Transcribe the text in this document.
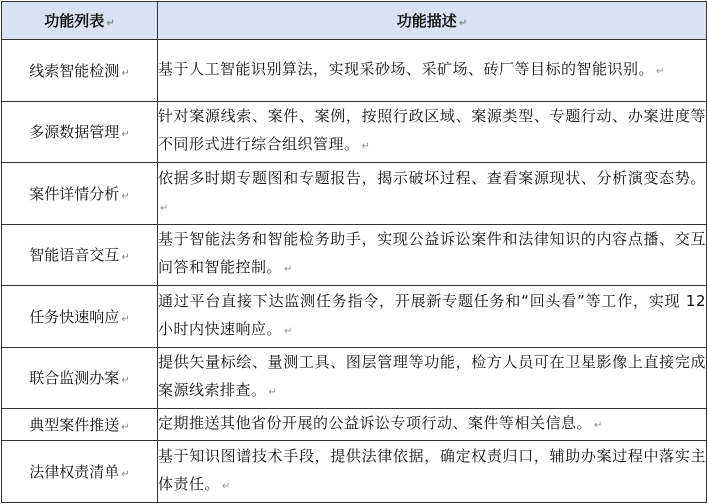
功能列表 ↵	功能描述 ↵
线索智能检测 ↵	基于人工智能识别算法，实现采砂场、采矿场、砖厂等目标的智能识别。 ↵
多源数据管理 ↵	针对案源线索、案件、案例，按照行政区域、案源类型、专题行动、办案进度等不同形式进行综合组织管理。 ↵
案件详情分析 ↵	依据多时期专题图和专题报告，揭示破坏过程、查看案源现状、分析演变态势。↵
智能语音交互 ↵	基于智能法务和智能检务助手，实现公益诉讼案件和法律知识的内容点播、交互问答和智能控制。 ↵
任务快速响应 ↵	通过平台直接下达监测任务指令，开展新专题任务和“回头看”等工作，实现 12 小时内快速响应。 ↵
联合监测办案 ↵	提供矢量标绘、量测工具、图层管理等功能，检方人员可在卫星影像上直接完成案源线索排查。 ↵
典型案件推送 ↵	定期推送其他省份开展的公益诉讼专项行动、案件等相关信息。 ↵
法律权责清单 ↵	基于知识图谱技术手段，提供法律依据，确定权责归口，辅助办案过程中落实主体责任。 ↵
